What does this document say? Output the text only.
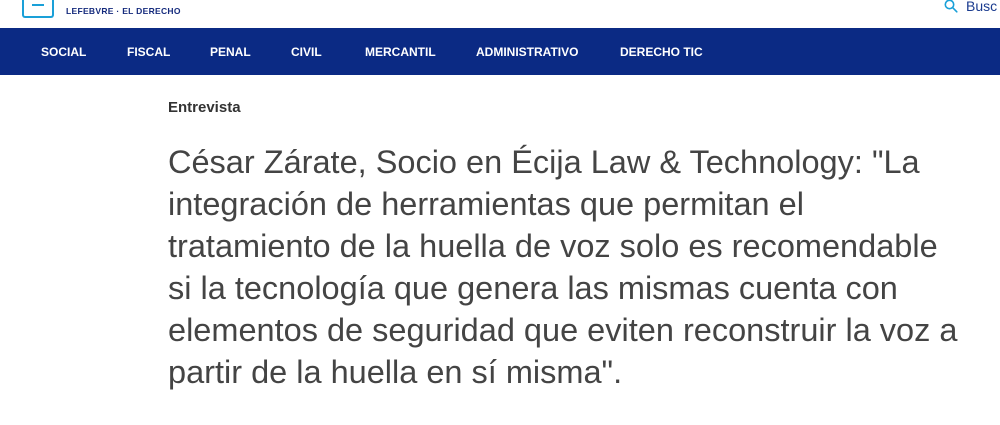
LEFEBVRE · EL DERECHO	Busc
SOCIAL	FISCAL	PENAL	CIVIL	MERCANTIL	ADMINISTRATIVO	DERECHO TIC
Entrevista
César Zárate, Socio en Écija Law & Technology: "La integración de herramientas que permitan el tratamiento de la huella de voz solo es recomendable si la tecnología que genera las mismas cuenta con elementos de seguridad que eviten reconstruir la voz a partir de la huella en sí misma".
